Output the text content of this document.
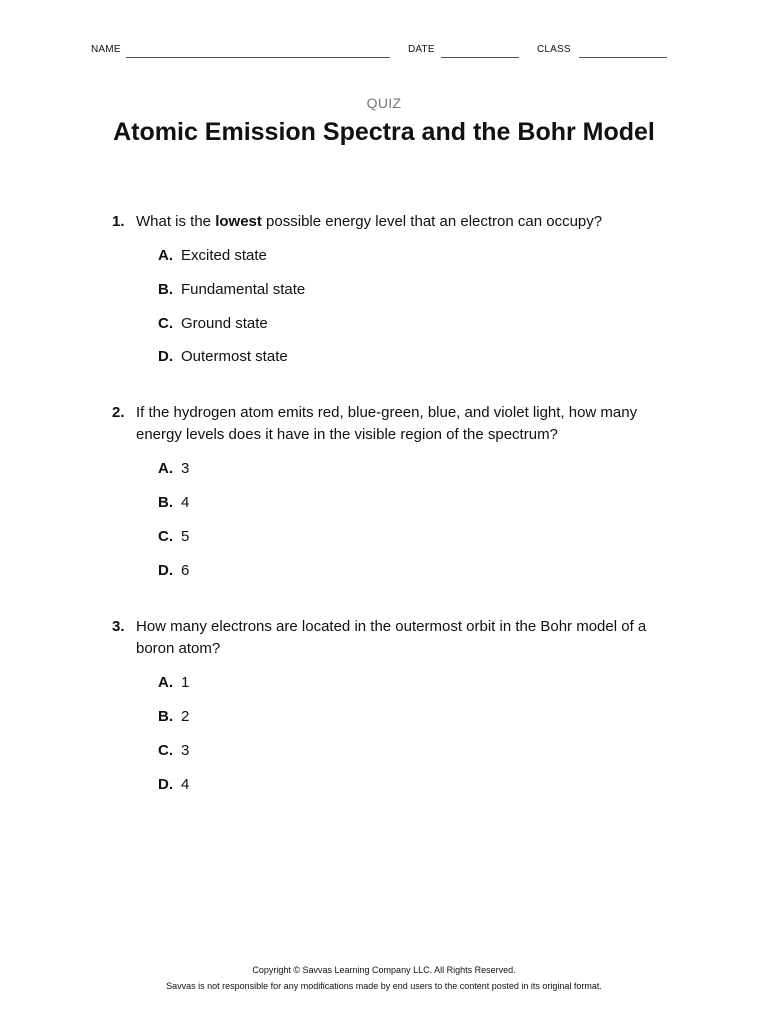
NAME	DATE	CLASS
QUIZ
Atomic Emission Spectra and the Bohr Model
1. What is the lowest possible energy level that an electron can occupy?
A. Excited state
B. Fundamental state
C. Ground state
D. Outermost state
2. If the hydrogen atom emits red, blue-green, blue, and violet light, how many energy levels does it have in the visible region of the spectrum?
A. 3
B. 4
C. 5
D. 6
3. How many electrons are located in the outermost orbit in the Bohr model of a boron atom?
A. 1
B. 2
C. 3
D. 4
Copyright © Savvas Learning Company LLC. All Rights Reserved.
Savvas is not responsible for any modifications made by end users to the content posted in its original format.
